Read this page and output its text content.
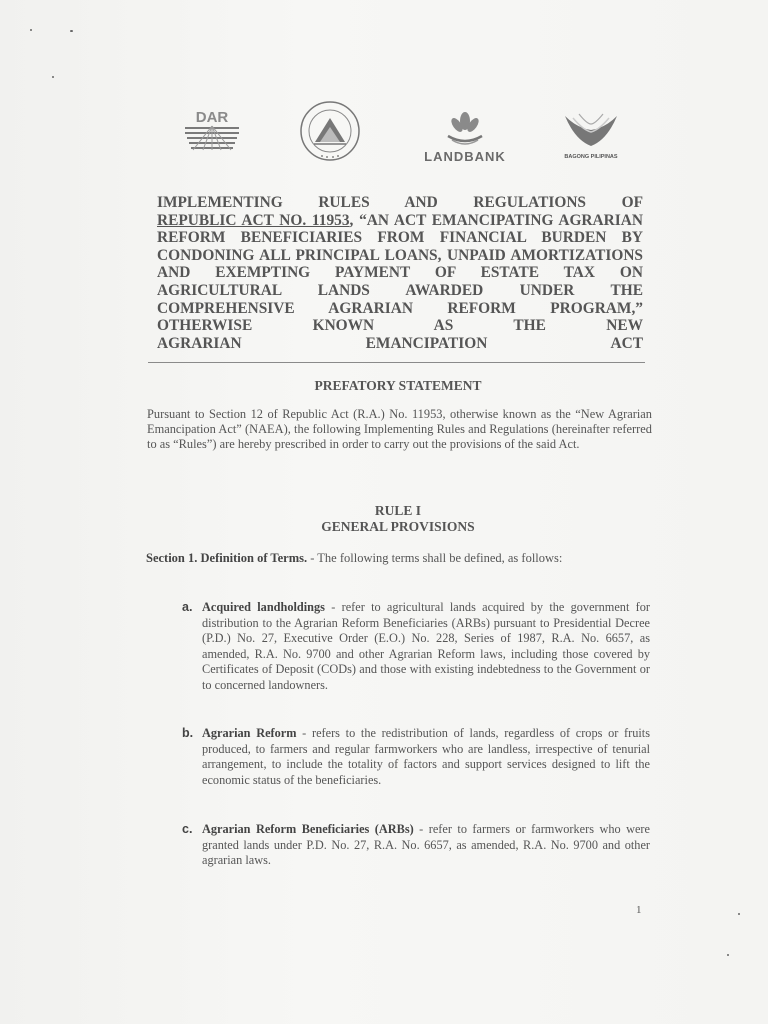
DAR
LANDBANK	BAGONG PILIPINAS
IMPLEMENTING RULES AND REGULATIONS OF
REPUBLIC ACT NO. 11953, “AN ACT EMANCIPATING AGRARIAN REFORM BENEFICIARIES FROM FINANCIAL BURDEN BY CONDONING ALL PRINCIPAL LOANS, UNPAID AMORTIZATIONS AND EXEMPTING PAYMENT OF ESTATE TAX ON AGRICULTURAL LANDS AWARDED UNDER THE COMPREHENSIVE AGRARIAN REFORM PROGRAM,” OTHERWISE KNOWN AS THE NEW
AGRARIAN EMANCIPATION ACT
PREFATORY STATEMENT
Pursuant to Section 12 of Republic Act (R.A.) No. 11953, otherwise known as the “New Agrarian Emancipation Act” (NAEA), the following Implementing Rules and Regulations (hereinafter referred to as “Rules”) are hereby prescribed in order to carry out the provisions of the said Act.
RULE I
GENERAL PROVISIONS
Section 1. Definition of Terms. - The following terms shall be defined, as follows:
a. Acquired landholdings - refer to agricultural lands acquired by the government for distribution to the Agrarian Reform Beneficiaries (ARBs) pursuant to Presidential Decree (P.D.) No. 27, Executive Order (E.O.) No. 228, Series of 1987, R.A. No. 6657, as amended, R.A. No. 9700 and other Agrarian Reform laws, including those covered by Certificates of Deposit (CODs) and those with existing indebtedness to the Government or to concerned landowners.
b. Agrarian Reform - refers to the redistribution of lands, regardless of crops or fruits produced, to farmers and regular farmworkers who are landless, irrespective of tenurial arrangement, to include the totality of factors and support services designed to lift the economic status of the beneficiaries.
c. Agrarian Reform Beneficiaries (ARBs) - refer to farmers or farmworkers who were granted lands under P.D. No. 27, R.A. No. 6657, as amended, R.A. No. 9700 and other agrarian laws.
1
